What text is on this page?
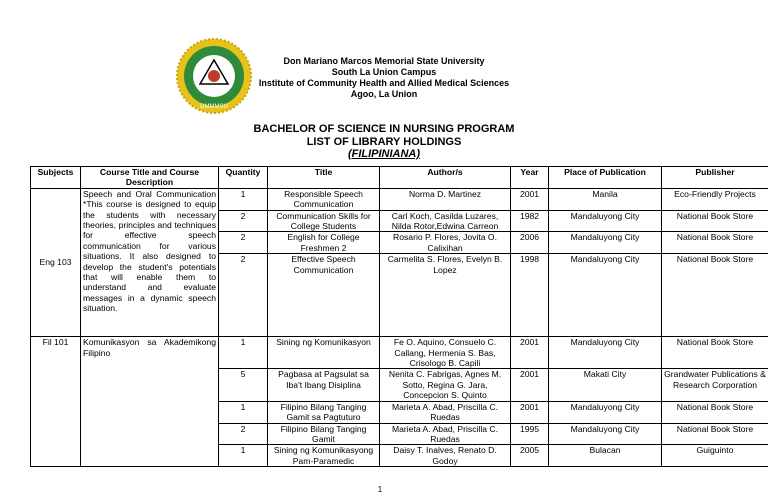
DMMMSU
Don Mariano Marcos Memorial State University
South La Union Campus
Institute of Community Health and Allied Medical Sciences
Agoo, La Union
BACHELOR OF SCIENCE IN NURSING PROGRAM
LIST OF LIBRARY HOLDINGS
(FILIPINIANA)
Subjects	Course Title and Course Description	Quantity	Title	Author/s	Year	Place of Publication	Publisher
Eng 103	Speech and Oral Communication *This course is designed to equip the students with necessary theories, principles and techniques for effective speech communication for various situations. It also designed to develop the student's potentials that will enable them to understand and evaluate messages in a dynamic speech situation.	1	Responsible Speech Communication	Norma D. Martinez	2001	Manila	Eco-Friendly Projects
		2	Communication Skills for College Students	Carl Koch, Casilda Luzares, Nilda Rotor,Edwina Carreon	1982	Mandaluyong City	National Book Store
		2	English for College Freshmen 2	Rosario P. Flores, Jovita O. Calixihan	2006	Mandaluyong City	National Book Store
		2	Effective Speech Communication	Carmelita S. Flores, Evelyn B. Lopez	1998	Mandaluyong City	National Book Store
Fil 101	Komunikasyon sa Akademikong Filipino	1	Sining ng Komunikasyon	Fe O. Aquino, Consuelo C. Callang, Hermenia S. Bas, Crisologo B. Capili	2001	Mandaluyong City	National Book Store
		5	Pagbasa at Pagsulat sa Iba't Ibang Disiplina	Nenita C. Fabrigas, Agnes M. Sotto, Regina G. Jara, Concepcion S. Quinto	2001	Makati City	Grandwater Publications & Research Corporation
		1	Filipino Bilang Tanging Gamit sa Pagtuturo	Marieta A. Abad, Priscilla C. Ruedas	2001	Mandaluyong City	National Book Store
		2	Filipino Bilang Tanging Gamit	Marieta A. Abad, Priscilla C. Ruedas	1995	Mandaluyong City	National Book Store
		1	Sining ng Komunikasyong Pam-Paramedic	Daisy T. Inalves, Renato D. Godoy	2005	Bulacan	Guiguinto
1
